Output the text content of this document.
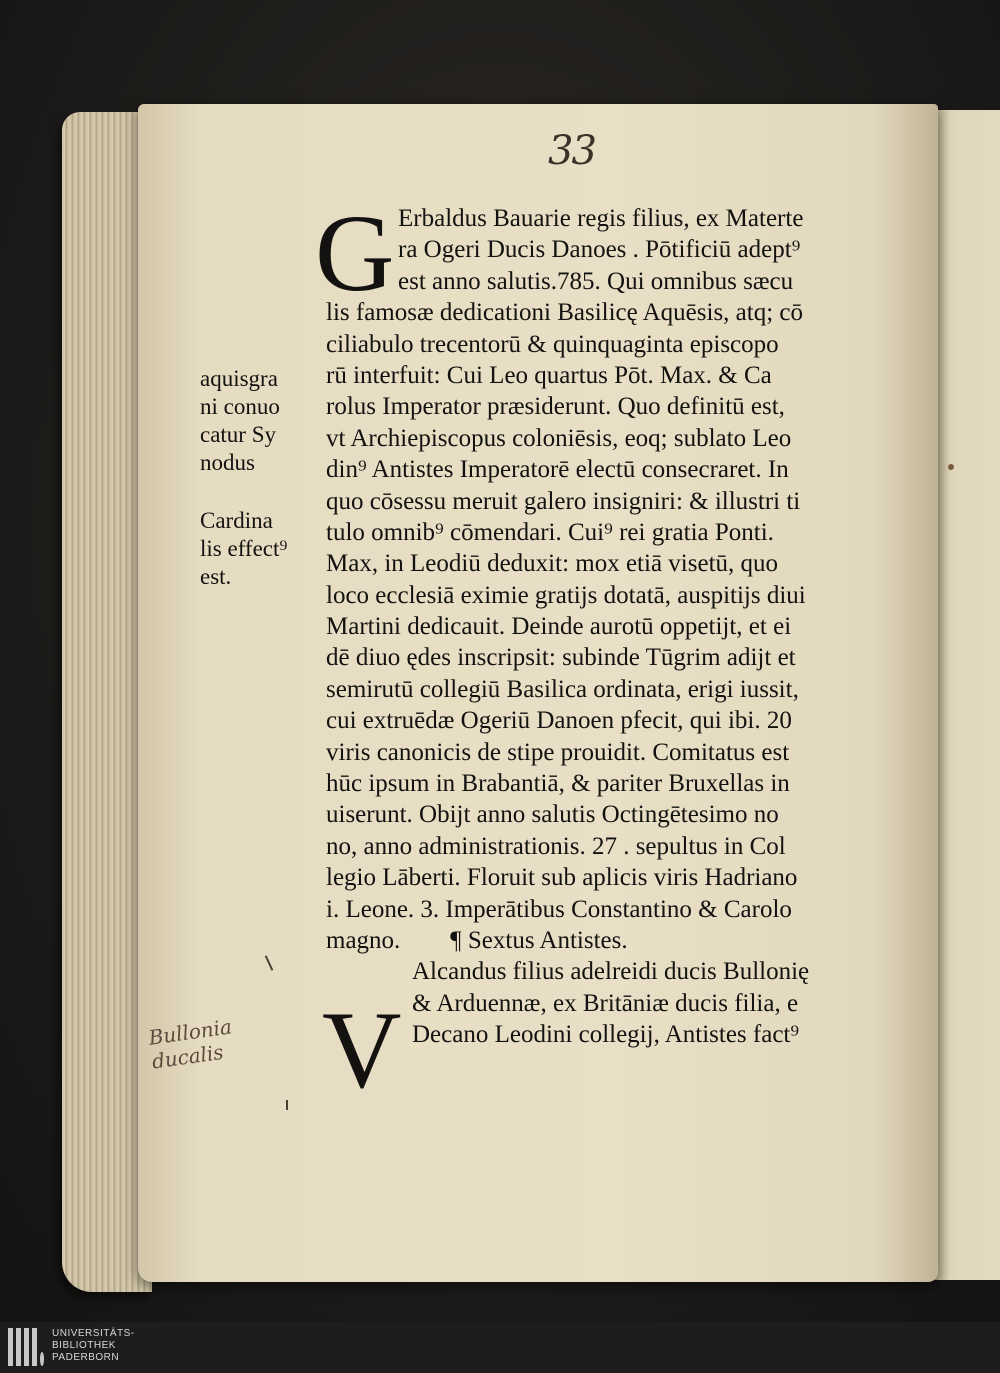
33
G
V
Erbaldus Bauarie regis filius, ex Materte
ra Ogeri Ducis Danoes . Pōtificiū adept⁹
est anno salutis.785. Qui omnibus sæcu
lis famosæ dedicationi Basilicę Aquēsis, atq; cō
ciliabulo trecentorū & quinquaginta episcopo
rū interfuit: Cui Leo quartus Pōt. Max. & Ca
rolus Imperator præsiderunt. Quo definitū est,
vt Archiepiscopus coloniēsis, eoq; sublato Leo
din⁹ Antistes Imperatorē electū consecraret. In
quo cōsessu meruit galero insigniri: & illustri ti
tulo omnib⁹ cōmendari. Cui⁹ rei gratia Ponti.
Max, in Leodiū deduxit: mox etiā visetū, quo
loco ecclesiā eximie gratijs dotatā, auspitijs diui
Martini dedicauit. Deinde aurotū oppetijt, et ei
dē diuo ędes inscripsit: subinde Tūgrim adijt et
semirutū collegiū Basilica ordinata, erigi iussit,
cui extruēdæ Ogeriū Danoen pfecit, qui ibi. 20
viris canonicis de stipe prouidit. Comitatus est
hūc ipsum in Brabantiā, & pariter Bruxellas in
uiserunt. Obijt anno salutis Octingētesimo no
no, anno administrationis. 27 . sepultus in Col
legio Lāberti. Floruit sub aplicis viris Hadriano
i. Leone. 3. Imperātibus Constantino & Carolo
magno.        ¶ Sextus Antistes.
Alcandus filius adelreidi ducis Bullonię
& Arduennæ, ex Britāniæ ducis filia, e
Decano Leodini collegij, Antistes fact⁹
aquisgra
ni conuo
catur Sy
nodus
Cardina
lis effect⁹
est.
Bullonia
ducalis
UNIVERSITÄTS-
BIBLIOTHEK
PADERBORN
